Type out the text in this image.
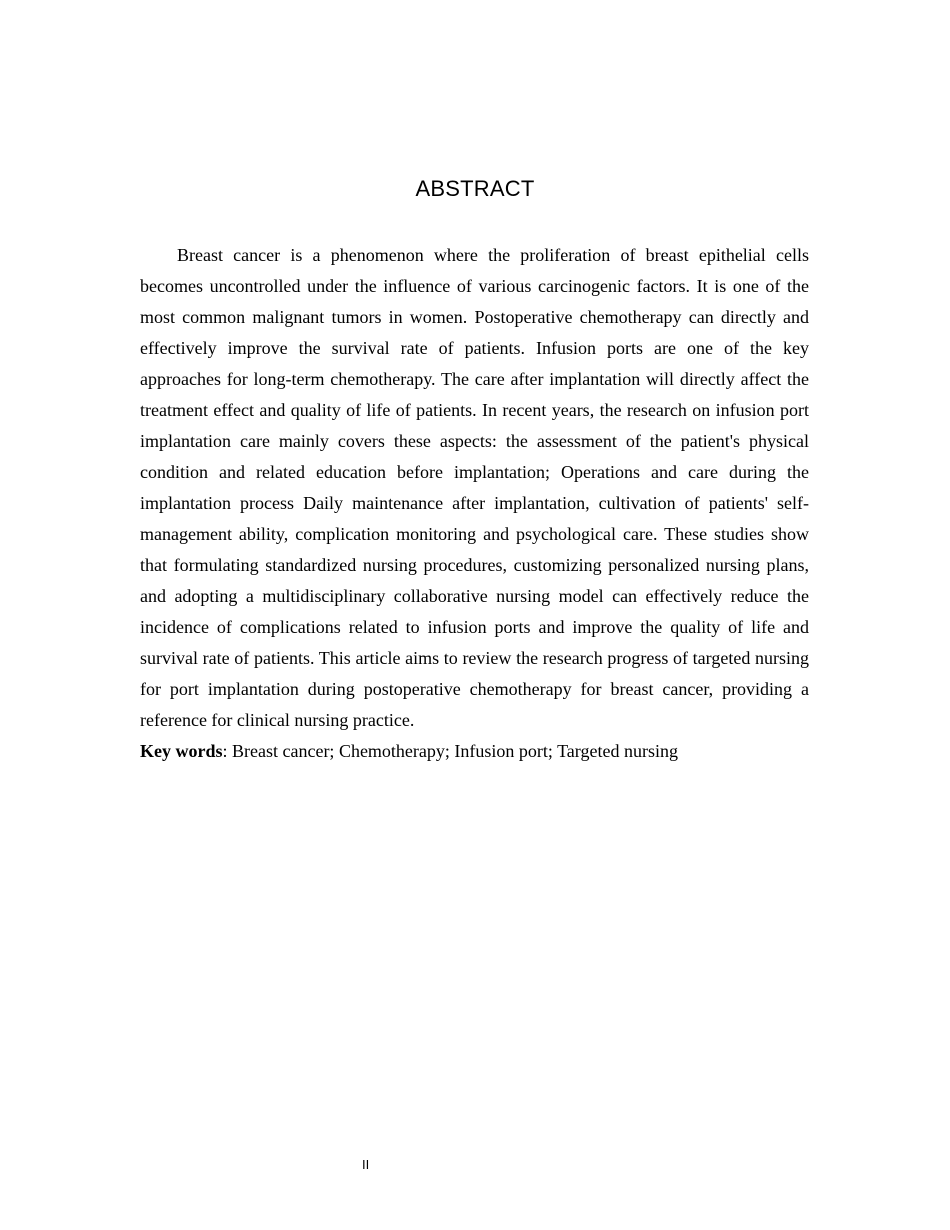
ABSTRACT

Breast cancer is a phenomenon where the proliferation of breast epithelial cells becomes uncontrolled under the influence of various carcinogenic factors. It is one of the most common malignant tumors in women. Postoperative chemotherapy can directly and effectively improve the survival rate of patients. Infusion ports are one of the key approaches for long-term chemotherapy. The care after implantation will directly affect the treatment effect and quality of life of patients. In recent years, the research on infusion port implantation care mainly covers these aspects: the assessment of the patient's physical condition and related education before implantation; Operations and care during the implantation process Daily maintenance after implantation, cultivation of patients' self-management ability, complication monitoring and psychological care. These studies show that formulating standardized nursing procedures, customizing personalized nursing plans, and adopting a multidisciplinary collaborative nursing model can effectively reduce the incidence of complications related to infusion ports and improve the quality of life and survival rate of patients. This article aims to review the research progress of targeted nursing for port implantation during postoperative chemotherapy for breast cancer, providing a reference for clinical nursing practice.

Key words: Breast cancer; Chemotherapy; Infusion port; Targeted nursing

II
